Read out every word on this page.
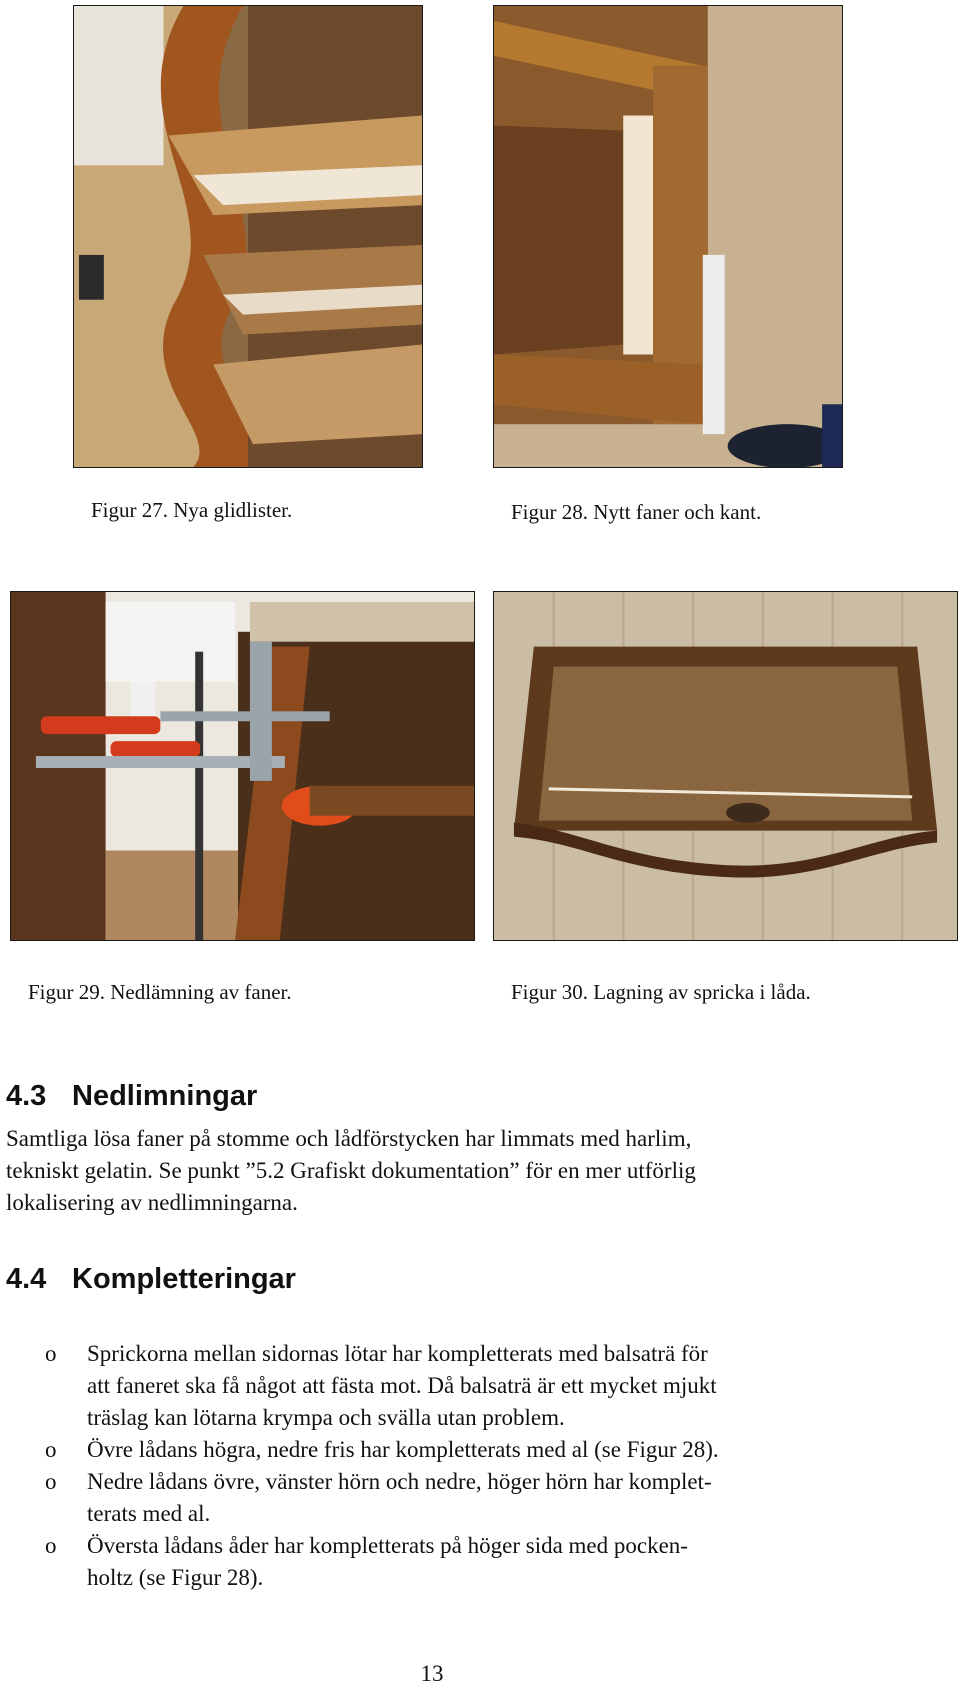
Figur 27. Nya glidlister.	Figur 28. Nytt faner och kant.
Figur 29. Nedlämning av faner.	Figur 30. Lagning av spricka i låda.
4.3 Nedlimningar
Samtliga lösa faner på stomme och lådförstycken har limmats med harlim,
tekniskt gelatin. Se punkt ”5.2 Grafiskt dokumentation” för en mer utförlig
lokalisering av nedlimningarna.
4.4 Kompletteringar
o Sprickorna mellan sidornas lötar har kompletterats med balsaträ för
att faneret ska få något att fästa mot. Då balsaträ är ett mycket mjukt
träslag kan lötarna krympa och svälla utan problem.
o Övre lådans högra, nedre fris har kompletterats med al (se Figur 28).
o Nedre lådans övre, vänster hörn och nedre, höger hörn har komplet-
terats med al.
o Översta lådans åder har kompletterats på höger sida med pocken-
holtz (se Figur 28).
13
